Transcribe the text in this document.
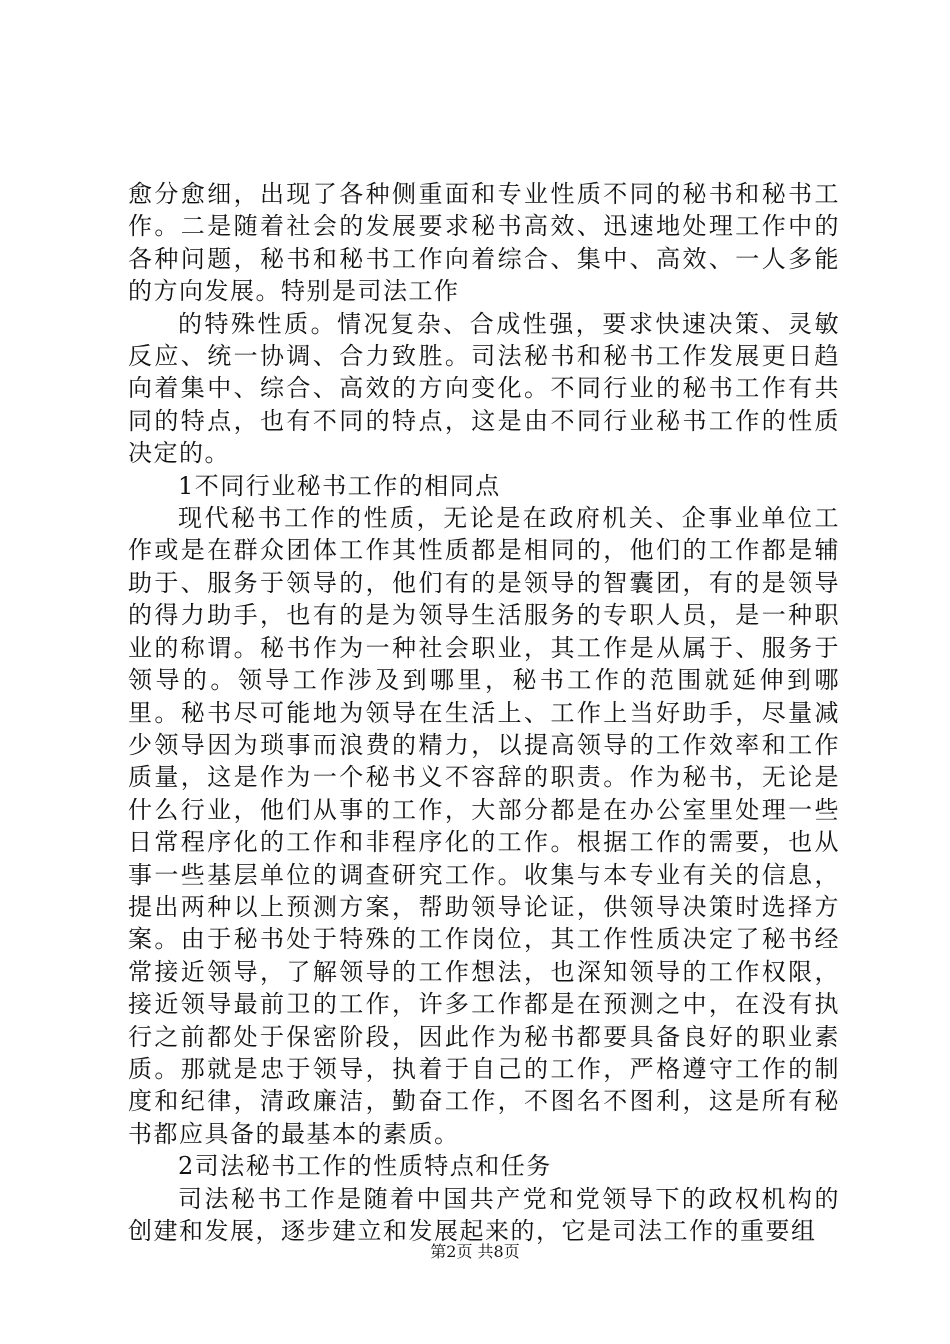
愈分愈细，出现了各种侧重面和专业性质不同的秘书和秘书工作。二是随着社会的发展要求秘书高效、迅速地处理工作中的各种问题，秘书和秘书工作向着综合、集中、高效、一人多能的方向发展。特别是司法工作

的特殊性质。情况复杂、合成性强，要求快速决策、灵敏反应、统一协调、合力致胜。司法秘书和秘书工作发展更日趋向着集中、综合、高效的方向变化。不同行业的秘书工作有共同的特点，也有不同的特点，这是由不同行业秘书工作的性质决定的。

1不同行业秘书工作的相同点

现代秘书工作的性质，无论是在政府机关、企事业单位工作或是在群众团体工作其性质都是相同的，他们的工作都是辅助于、服务于领导的，他们有的是领导的智囊团，有的是领导的得力助手，也有的是为领导生活服务的专职人员，是一种职业的称谓。秘书作为一种社会职业，其工作是从属于、服务于领导的。领导工作涉及到哪里，秘书工作的范围就延伸到哪里。秘书尽可能地为领导在生活上、工作上当好助手，尽量减少领导因为琐事而浪费的精力，以提高领导的工作效率和工作质量，这是作为一个秘书义不容辞的职责。作为秘书，无论是什么行业，他们从事的工作，大部分都是在办公室里处理一些日常程序化的工作和非程序化的工作。根据工作的需要，也从事一些基层单位的调查研究工作。收集与本专业有关的信息，提出两种以上预测方案，帮助领导论证，供领导决策时选择方案。由于秘书处于特殊的工作岗位，其工作性质决定了秘书经常接近领导，了解领导的工作想法，也深知领导的工作权限，接近领导最前卫的工作，许多工作都是在预测之中，在没有执行之前都处于保密阶段，因此作为秘书都要具备良好的职业素质。那就是忠于领导，执着于自己的工作，严格遵守工作的制度和纪律，清政廉洁，勤奋工作，不图名不图利，这是所有秘书都应具备的最基本的素质。

2司法秘书工作的性质特点和任务

司法秘书工作是随着中国共产党和党领导下的政权机构的创建和发展，逐步建立和发展起来的，它是司法工作的重要组

第2页 共8页
